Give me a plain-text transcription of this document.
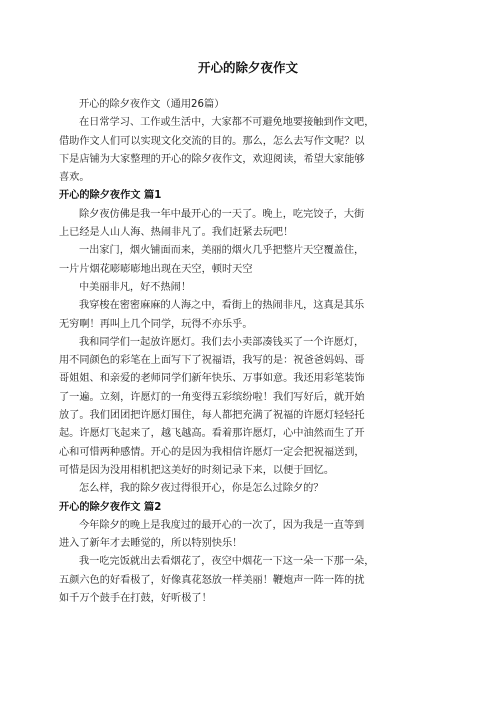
开心的除夕夜作文
开心的除夕夜作文（通用26篇）
在日常学习、工作或生活中，大家都不可避免地要接触到作文吧，
借助作文人们可以实现文化交流的目的。那么，怎么去写作文呢？以
下是店铺为大家整理的开心的除夕夜作文，欢迎阅读，希望大家能够
喜欢。
开心的除夕夜作文 篇1
除夕夜仿佛是我一年中最开心的一天了。晚上，吃完饺子，大街
上已经是人山人海、热闹非凡了。我们赶紧去玩吧！
一出家门，烟火铺面而来，美丽的烟火几乎把整片天空覆盖住，
一片片烟花嘭嘭嘭地出现在天空，顿时天空
中美丽非凡，好不热闹！
我穿梭在密密麻麻的人海之中，看街上的热闹非凡，这真是其乐
无穷啊！再叫上几个同学，玩得不亦乐乎。
我和同学们一起放许愿灯。我们去小卖部凑钱买了一个许愿灯，
用不同颜色的彩笔在上面写下了祝福语，我写的是：祝爸爸妈妈、哥
哥姐姐、和亲爱的老师同学们新年快乐、万事如意。我还用彩笔装饰
了一遍。立刻，许愿灯的一角变得五彩缤纷啦！我们写好后，就开始
放了。我们团团把许愿灯围住，每人都把充满了祝福的许愿灯轻轻托
起。许愿灯飞起来了，越飞越高。看着那许愿灯，心中油然而生了开
心和可惜两种感情。开心的是因为我相信许愿灯一定会把祝福送到，
可惜是因为没用相机把这美好的时刻记录下来，以便于回忆。
怎么样，我的除夕夜过得很开心，你是怎么过除夕的？
开心的除夕夜作文 篇2
今年除夕的晚上是我度过的最开心的一次了，因为我是一直等到
进入了新年才去睡觉的，所以特别快乐！
我一吃完饭就出去看烟花了，夜空中烟花一下这一朵一下那一朵，
五颜六色的好看极了，好像真花怒放一样美丽！鞭炮声一阵一阵的扰
如千万个鼓手在打鼓，好听极了！
